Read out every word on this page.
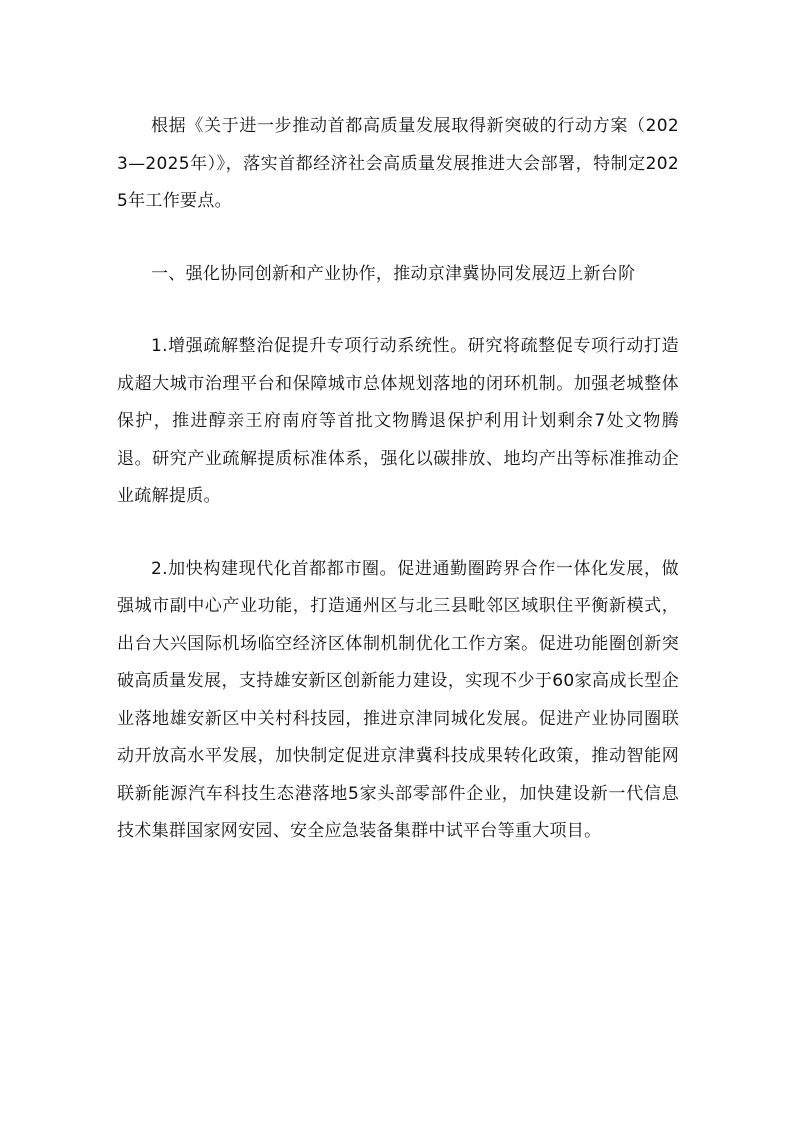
根据《关于进一步推动首都高质量发展取得新突破的行动方案（2023—2025年）》，落实首都经济社会高质量发展推进大会部署，特制定2025年工作要点。

一、强化协同创新和产业协作，推动京津冀协同发展迈上新台阶

1.增强疏解整治促提升专项行动系统性。研究将疏整促专项行动打造成超大城市治理平台和保障城市总体规划落地的闭环机制。加强老城整体保护，推进醇亲王府南府等首批文物腾退保护利用计划剩余7处文物腾退。研究产业疏解提质标准体系，强化以碳排放、地均产出等标准推动企业疏解提质。

2.加快构建现代化首都都市圈。促进通勤圈跨界合作一体化发展，做强城市副中心产业功能，打造通州区与北三县毗邻区域职住平衡新模式，出台大兴国际机场临空经济区体制机制优化工作方案。促进功能圈创新突破高质量发展，支持雄安新区创新能力建设，实现不少于60家高成长型企业落地雄安新区中关村科技园，推进京津同城化发展。促进产业协同圈联动开放高水平发展，加快制定促进京津冀科技成果转化政策，推动智能网联新能源汽车科技生态港落地5家头部零部件企业，加快建设新一代信息技术集群国家网安园、安全应急装备集群中试平台等重大项目。
